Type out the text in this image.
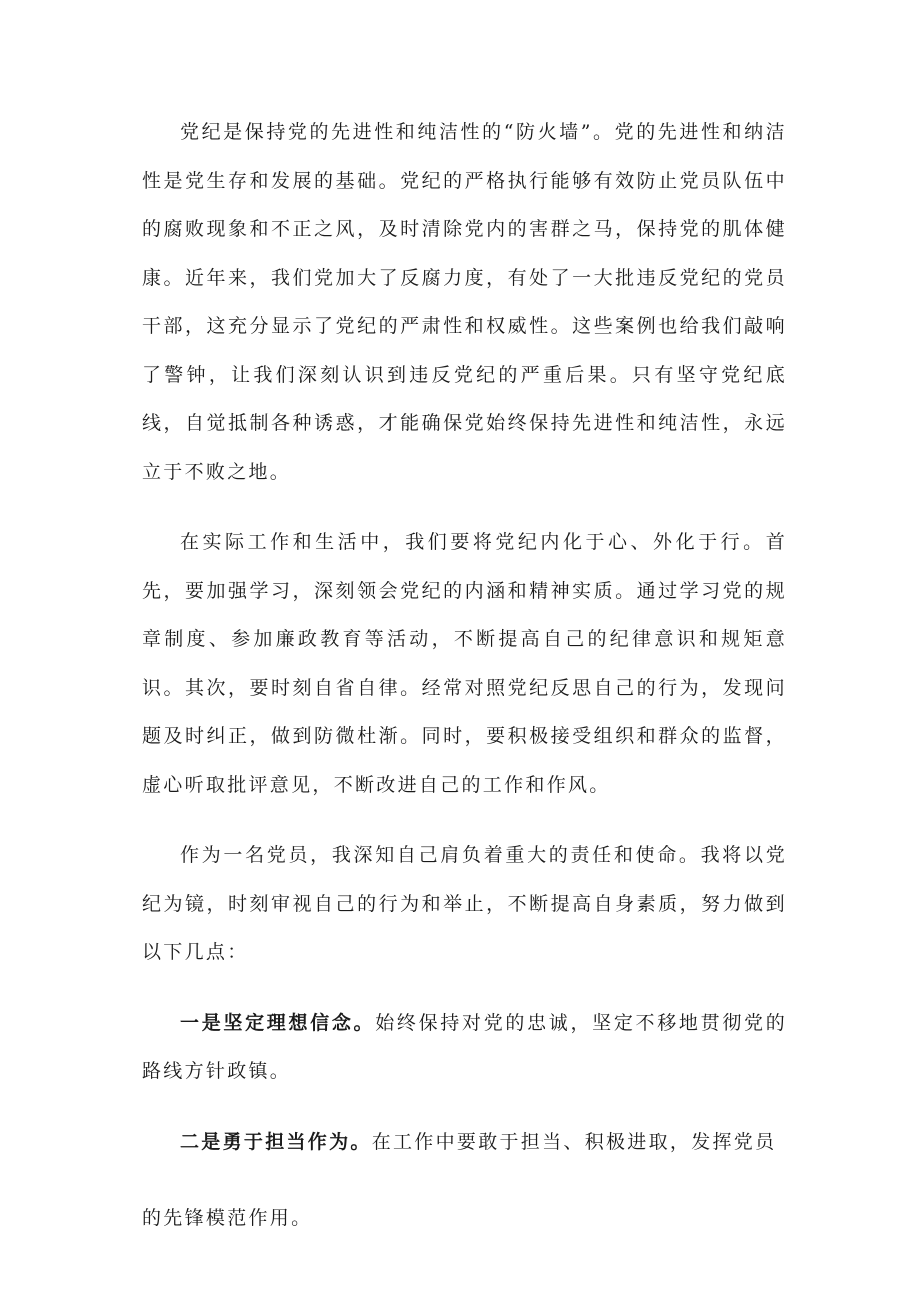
党纪是保持党的先进性和纯洁性的“防火墙”。党的先进性和纳洁性是党生存和发展的基础。党纪的严格执行能够有效防止党员队伍中的腐败现象和不正之风，及时清除党内的害群之马，保持党的肌体健康。近年来，我们党加大了反腐力度，有处了一大批违反党纪的党员干部，这充分显示了党纪的严肃性和权威性。这些案例也给我们敲响了警钟，让我们深刻认识到违反党纪的严重后果。只有坚守党纪底线，自觉抵制各种诱惑，才能确保党始终保持先进性和纯洁性，永远立于不败之地。

在实际工作和生活中，我们要将党纪内化于心、外化于行。首先，要加强学习，深刻领会党纪的内涵和精神实质。通过学习党的规章制度、参加廉政教育等活动，不断提高自己的纪律意识和规矩意识。其次，要时刻自省自律。经常对照党纪反思自己的行为，发现问题及时纠正，做到防微杜渐。同时，要积极接受组织和群众的监督，虚心听取批评意见，不断改进自己的工作和作风。

作为一名党员，我深知自己肩负着重大的责任和使命。我将以党纪为镜，时刻审视自己的行为和举止，不断提高自身素质，努力做到以下几点：

一是坚定理想信念。始终保持对党的忠诚，坚定不移地贯彻党的路线方针政镇。

二是勇于担当作为。在工作中要敢于担当、积极进取，发挥党员
的先锋模范作用。
